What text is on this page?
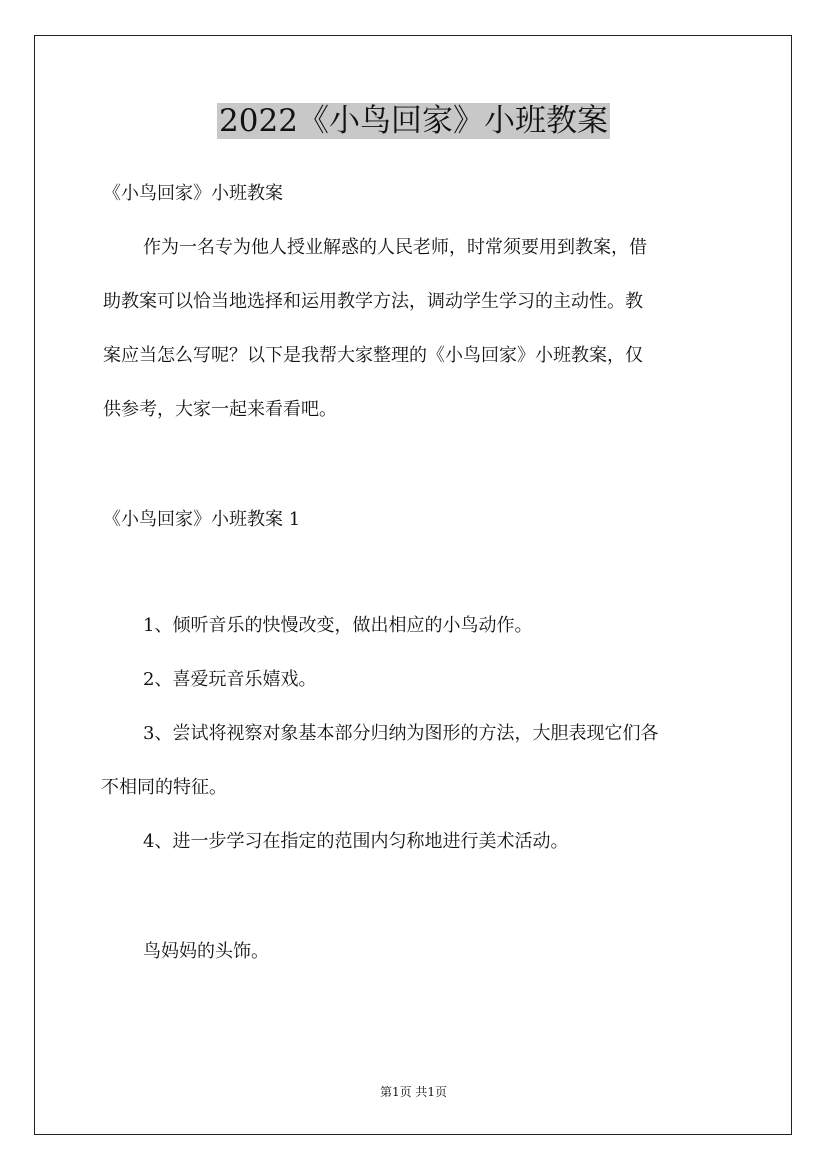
2022《小鸟回家》小班教案

《小鸟回家》小班教案

作为一名专为他人授业解惑的人民老师，时常须要用到教案，借

助教案可以恰当地选择和运用教学方法，调动学生学习的主动性。教

案应当怎么写呢？以下是我帮大家整理的《小鸟回家》小班教案，仅

供参考，大家一起来看看吧。

《小鸟回家》小班教案 1

1、倾听音乐的快慢改变，做出相应的小鸟动作。

2、喜爱玩音乐嬉戏。

3、尝试将视察对象基本部分归纳为图形的方法，大胆表现它们各

不相同的特征。

4、进一步学习在指定的范围内匀称地进行美术活动。

鸟妈妈的头饰。

第1页 共1页
